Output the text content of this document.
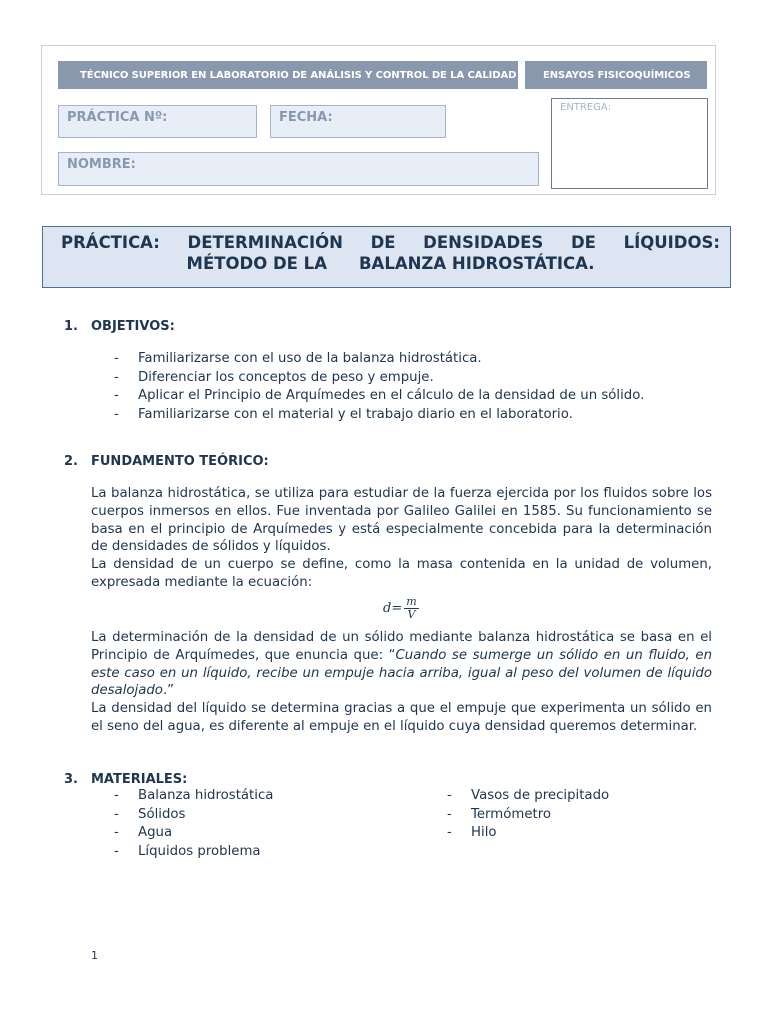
TÉCNICO SUPERIOR EN LABORATORIO DE ANÁLISIS Y CONTROL DE LA CALIDAD	ENSAYOS FISICOQUÍMICOS
PRÁCTICA Nº:	FECHA:
NOMBRE:
ENTREGA:
PRÁCTICA: DETERMINACIÓN DE DENSIDADES DE LÍQUIDOS:
MÉTODO DE LA BALANZA HIDROSTÁTICA.
1. OBJETIVOS:
- Familiarizarse con el uso de la balanza hidrostática.
- Diferenciar los conceptos de peso y empuje.
- Aplicar el Principio de Arquímedes en el cálculo de la densidad de un sólido.
- Familiarizarse con el material y el trabajo diario en el laboratorio.
2. FUNDAMENTO TEÓRICO:

La balanza hidrostática, se utiliza para estudiar de la fuerza ejercida por los fluidos sobre los cuerpos inmersos en ellos. Fue inventada por Galileo Galilei en 1585. Su funcionamiento se basa en el principio de Arquímedes y está especialmente concebida para la determinación de densidades de sólidos y líquidos.

La densidad de un cuerpo se define, como la masa contenida en la unidad de volumen, expresada mediante la ecuación:

$d = \frac{m}{V}$

La determinación de la densidad de un sólido mediante balanza hidrostática se basa en el Principio de Arquímedes, que enuncia que: “Cuando se sumerge un sólido en un fluido, en este caso en un líquido, recibe un empuje hacia arriba, igual al peso del volumen de líquido desalojado.”

La densidad del líquido se determina gracias a que el empuje que experimenta un sólido en el seno del agua, es diferente al empuje en el líquido cuya densidad queremos determinar.

3. MATERIALES:
- Balanza hidrostática
- Sólidos
- Agua
- Líquidos problema
- Vasos de precipitado
- Termómetro
- Hilo
1
